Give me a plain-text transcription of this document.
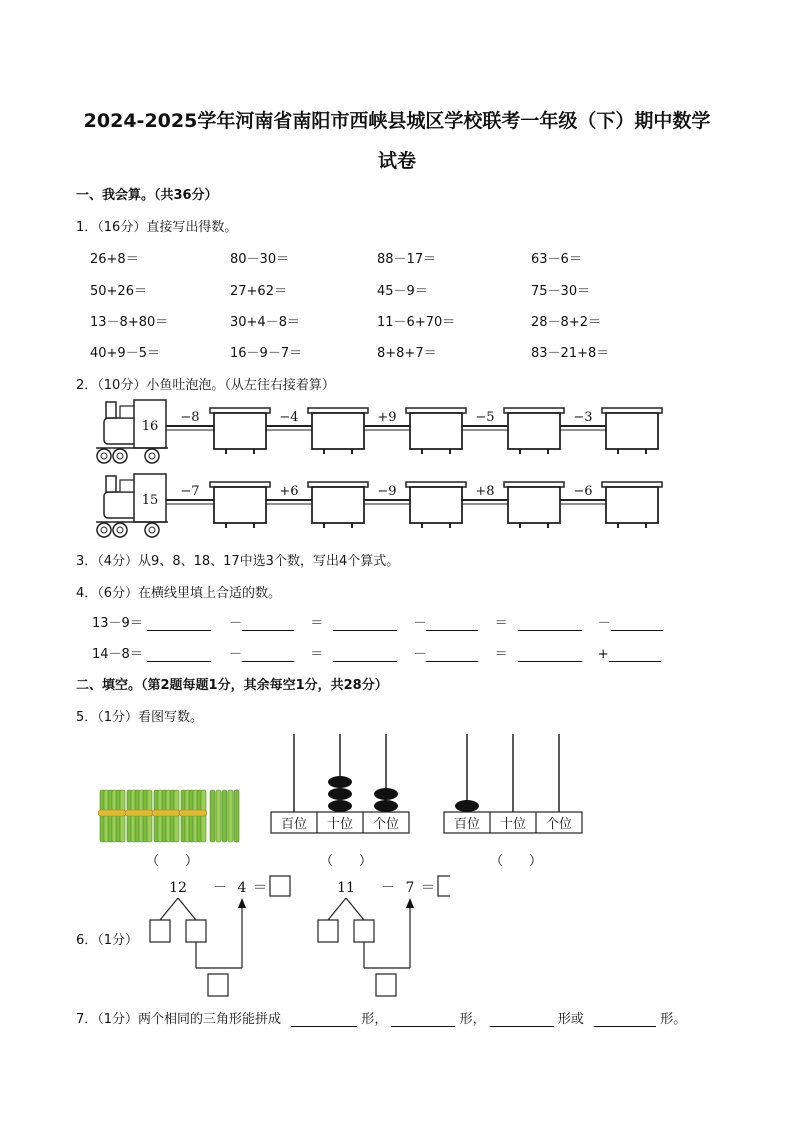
2024-2025学年河南省南阳市西峡县城区学校联考一年级（下）期中数学
试卷
一、我会算。（共36分）
1．（16分）直接写出得数。
26+8＝	80－30＝	88－17＝	63－6＝
50+26＝	27+62＝	45－9＝	75－30＝
13－8+80＝	30+4－8＝	11－6+70＝	28－8+2＝
40+9－5＝	16－9－7＝	8+8+7＝	83－21+8＝
2．（10分）小鱼吐泡泡。（从左往右接着算）
16
−8	−4	+9	−5	−3
15
−7	+6	−9	+8	−6
3．（4分）从9、8、18、17中选3个数，写出4个算式。
4．（6分）在横线里填上合适的数。
13－9＝	－	＝	－	＝	－
14－8＝	－	＝	－	＝	+
二、填空。（第2题每题1分，其余每空1分，共28分）
5．（1分）看图写数。
百位 十位 个位	百位 十位 个位
（　　）	（　　）	（　　）
6．（1分）
12 － 4 ＝	11 － 7 ＝
7．（1分）两个相同的三角形能拼成	形，	形，	形或	形。
